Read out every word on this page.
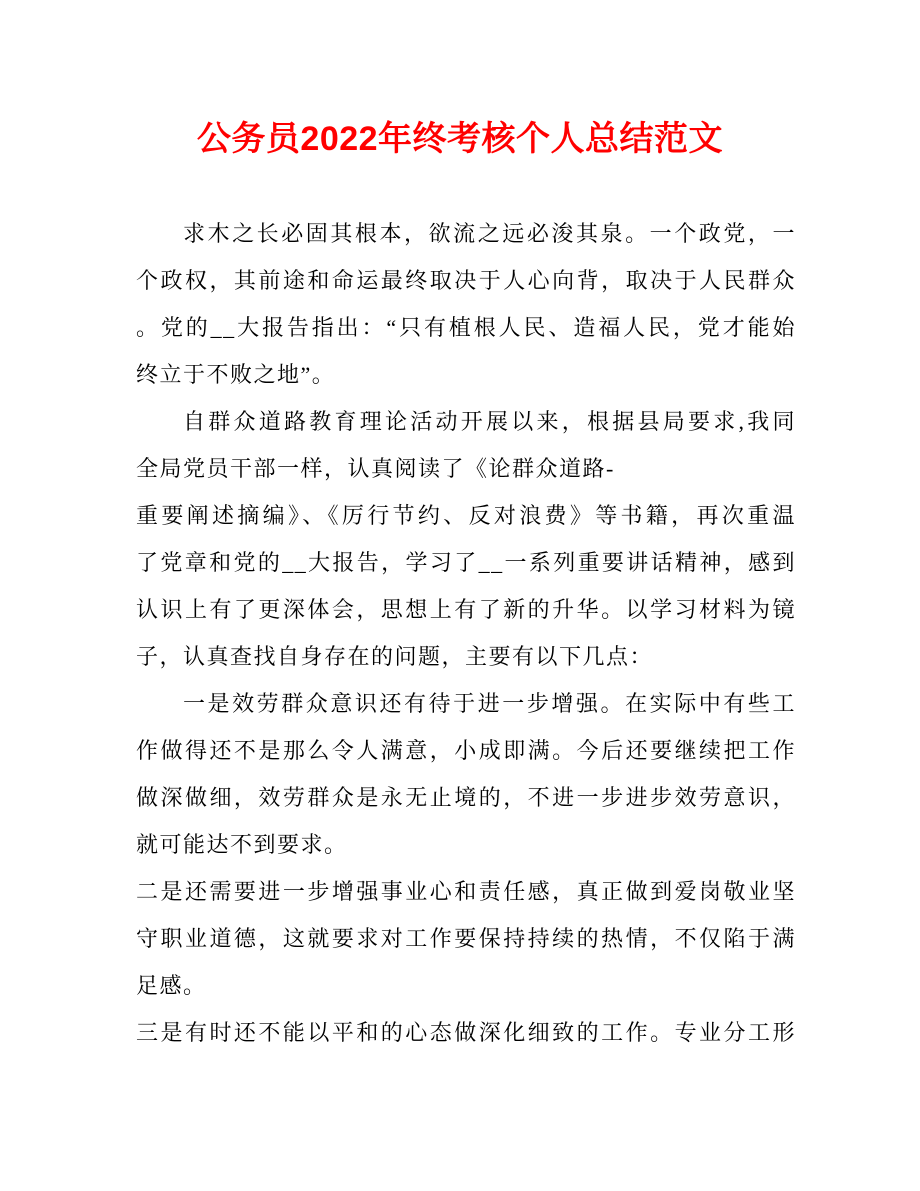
公务员2022年终考核个人总结范文
求木之长必固其根本，欲流之远必浚其泉。一个政党，一
个政权，其前途和命运最终取决于人心向背，取决于人民群众
。党的__大报告指出：“只有植根人民、造福人民，党才能始
终立于不败之地”。
自群众道路教育理论活动开展以来，根据县局要求,我同
全局党员干部一样，认真阅读了《论群众道路-
重要阐述摘编》、《厉行节约、反对浪费》等书籍，再次重温
了党章和党的__大报告，学习了__一系列重要讲话精神，感到
认识上有了更深体会，思想上有了新的升华。以学习材料为镜
子，认真查找自身存在的问题，主要有以下几点：
一是效劳群众意识还有待于进一步增强。在实际中有些工
作做得还不是那么令人满意，小成即满。今后还要继续把工作
做深做细，效劳群众是永无止境的，不进一步进步效劳意识，
就可能达不到要求。
二是还需要进一步增强事业心和责任感，真正做到爱岗敬业坚
守职业道德，这就要求对工作要保持持续的热情，不仅陷于满
足感。
三是有时还不能以平和的心态做深化细致的工作。专业分工形
